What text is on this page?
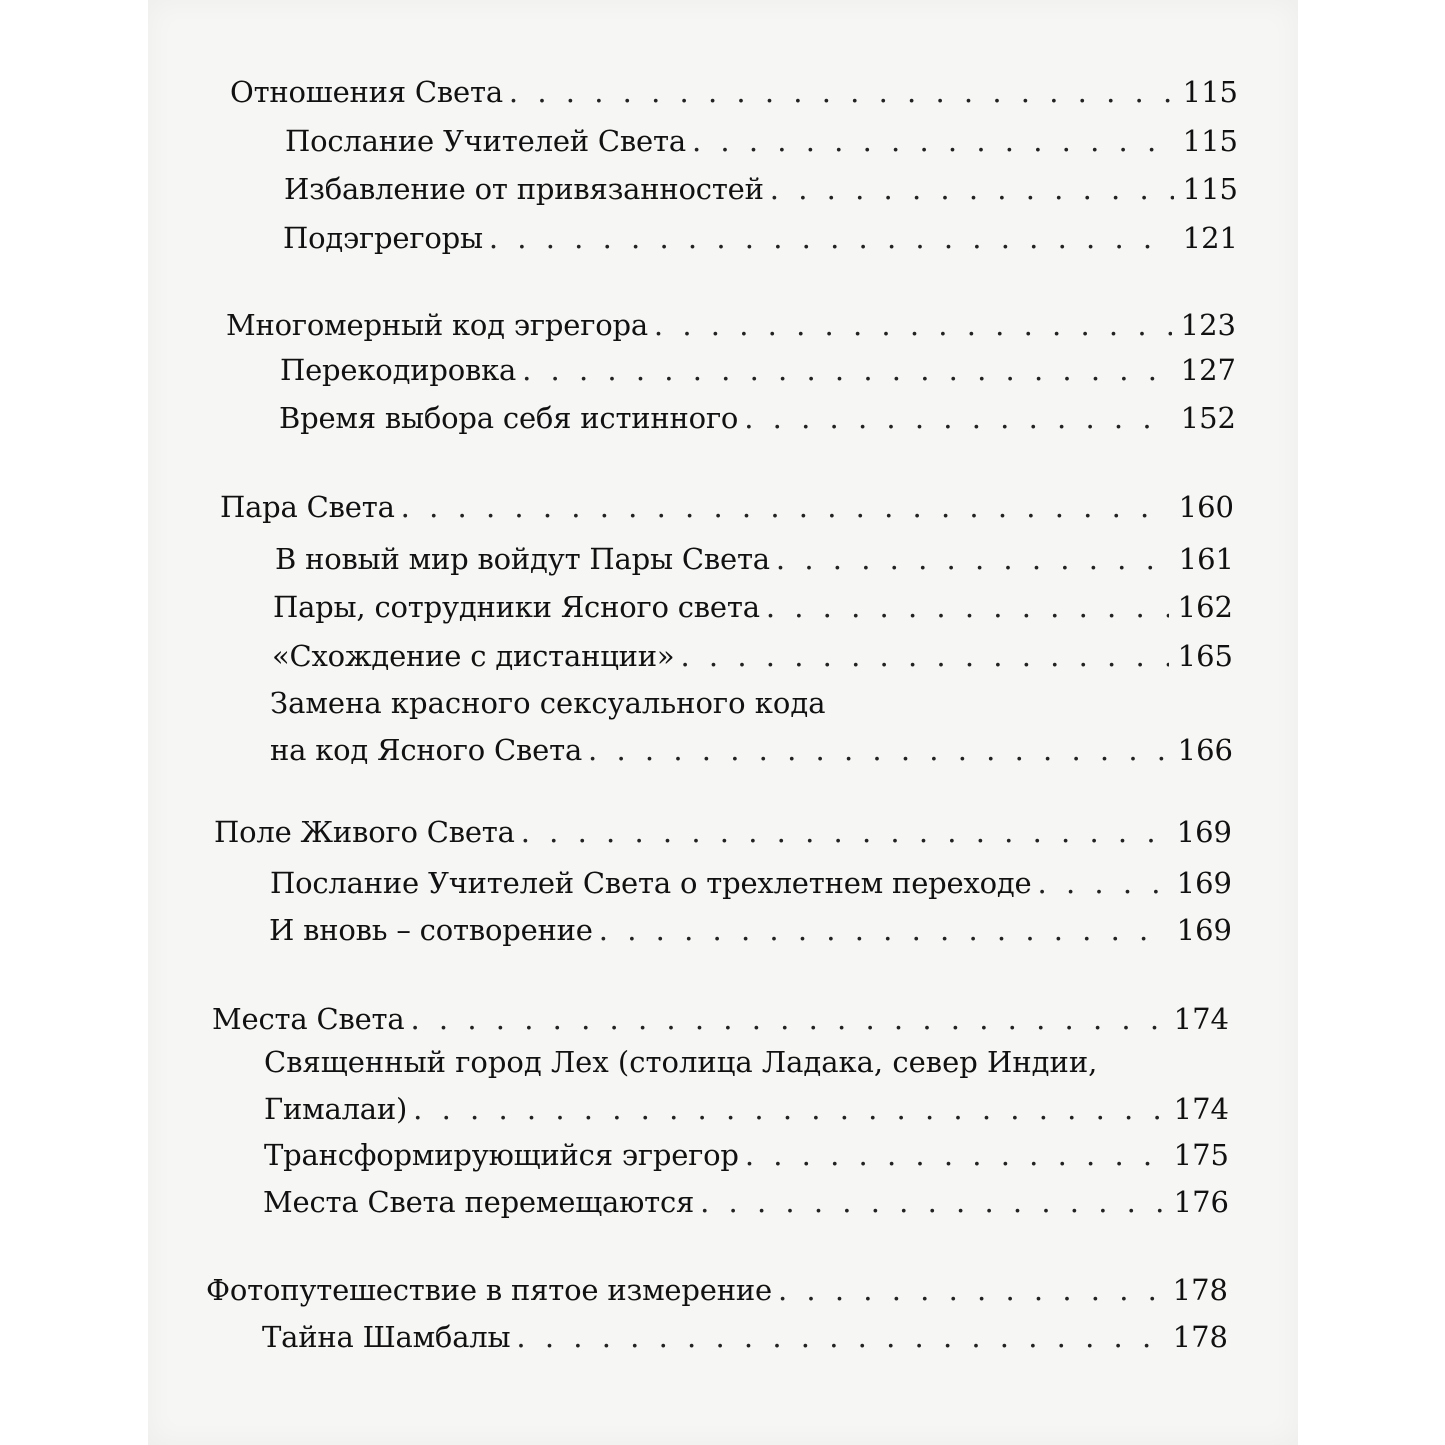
Отношения Света . . .	115
Послание Учителей Света . . .	115
Избавление от привязанностей . . .	115
Подэгрегоры . . .	121
Многомерный код эгрегора . . .	123
Перекодировка . . .	127
Время выбора себя истинного . . .	152
Пара Света . . .	160
В новый мир войдут Пары Света . . .	161
Пары, сотрудники Ясного света . . .	162
«Схождение с дистанции» . . .	165
Замена красного сексуального кода
на код Ясного Света . . .	166
Поле Живого Света . . .	169
Послание Учителей Света о трехлетнем переходе . . .	169
И вновь – сотворение . . .	169
Места Света . . .	174
Священный город Лех (столица Ладака, север Индии,
Гималаи) . . .	174
Трансформирующийся эгрегор . . .	175
Места Света перемещаются . . .	176
Фотопутешествие в пятое измерение . . .	178
Тайна Шамбалы . . .	178
